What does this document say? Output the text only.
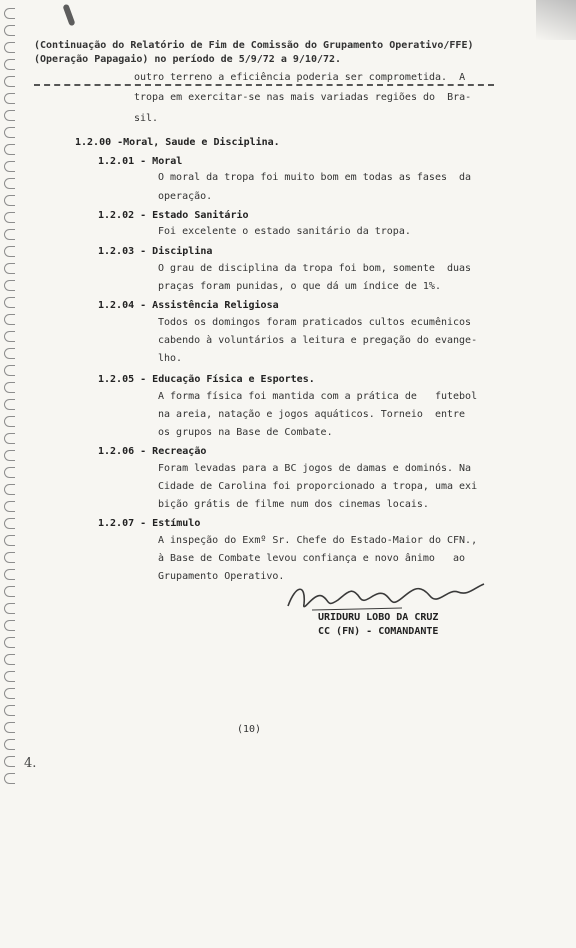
(Continuação do Relatório de Fim de Comissão do Grupamento Operativo/FFE)
(Operação Papagaio) no período de 5/9/72 a 9/10/72.
outro terreno a eficiência poderia ser comprometida.  A
tropa em exercitar-se nas mais variadas regiões do  Bra-
sil.
1.2.00 -Moral, Saude e Disciplina.
1.2.01 - Moral
O moral da tropa foi muito bom em todas as fases  da
operação.
1.2.02 - Estado Sanitário
Foi excelente o estado sanitário da tropa.
1.2.03 - Disciplina
O grau de disciplina da tropa foi bom, somente  duas
praças foram punidas, o que dá um índice de 1%.
1.2.04 - Assistência Religiosa
Todos os domingos foram praticados cultos ecumênicos
cabendo à voluntários a leitura e pregação do evange-
lho.
1.2.05 - Educação Física e Esportes.
A forma física foi mantida com a prática de   futebol
na areia, natação e jogos aquáticos. Torneio  entre
os grupos na Base de Combate.
1.2.06 - Recreação
Foram levadas para a BC jogos de damas e dominós. Na
Cidade de Carolina foi proporcionado a tropa, uma exi
bição grátis de filme num dos cinemas locais.
1.2.07 - Estímulo
A inspeção do Exmº Sr. Chefe do Estado-Maior do CFN.,
à Base de Combate levou confiança e novo ânimo   ao
Grupamento Operativo.
URIDURU LOBO DA CRUZ
CC (FN) - COMANDANTE
(10)
4.
